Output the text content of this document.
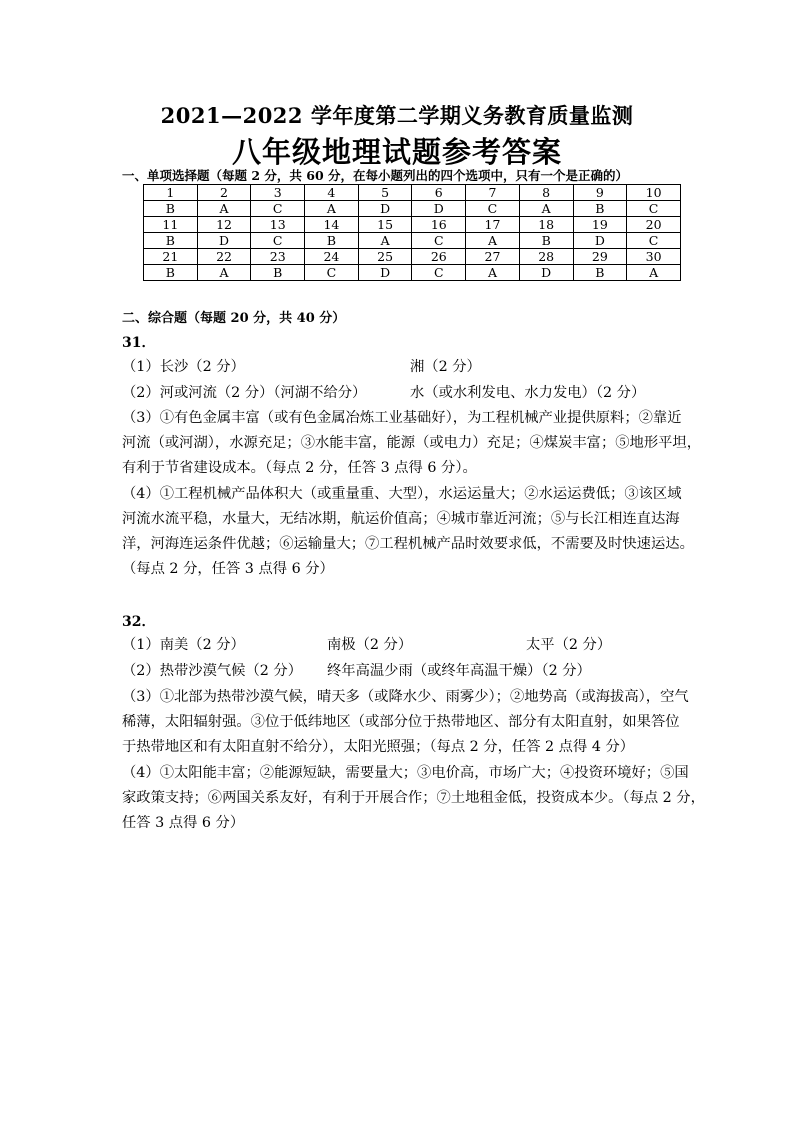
2021—2022 学年度第二学期义务教育质量监测
八年级地理试题参考答案
一、单项选择题（每题 2 分，共 60 分，在每小题列出的四个选项中，只有一个是正确的）
1	2	3	4	5	6	7	8	9	10
B	A	C	A	D	D	C	A	B	C
11	12	13	14	15	16	17	18	19	20
B	D	C	B	A	C	A	B	D	C
21	22	23	24	25	26	27	28	29	30
B	A	B	C	D	C	A	D	B	A
二、综合题（每题 20 分，共 40 分）
31．
（1）长沙（2 分）	湘（2 分）
（2）河或河流（2 分）（河湖不给分）	水（或水利发电、水力发电）（2 分）
（3）①有色金属丰富（或有色金属冶炼工业基础好），为工程机械产业提供原料；②靠近
河流（或河湖），水源充足；③水能丰富，能源（或电力）充足；④煤炭丰富；⑤地形平坦，
有利于节省建设成本。（每点 2 分，任答 3 点得 6 分）。
（4）①工程机械产品体积大（或重量重、大型），水运运量大；②水运运费低；③该区域
河流水流平稳，水量大，无结冰期，航运价值高；④城市靠近河流；⑤与长江相连直达海
洋，河海连运条件优越；⑥运输量大；⑦工程机械产品时效要求低，不需要及时快速运达。
（每点 2 分，任答 3 点得 6 分）
32．
（1）南美（2 分）	南极（2 分）	太平（2 分）
（2）热带沙漠气候（2 分） 终年高温少雨（或终年高温干燥）（2 分）
（3）①北部为热带沙漠气候，晴天多（或降水少、雨雾少）；②地势高（或海拔高），空气
稀薄，太阳辐射强。③位于低纬地区（或部分位于热带地区、部分有太阳直射，如果答位
于热带地区和有太阳直射不给分），太阳光照强；（每点 2 分，任答 2 点得 4 分）
（4）①太阳能丰富；②能源短缺，需要量大；③电价高，市场广大；④投资环境好；⑤国
家政策支持；⑥两国关系友好，有利于开展合作；⑦土地租金低，投资成本少。（每点 2 分，
任答 3 点得 6 分）
